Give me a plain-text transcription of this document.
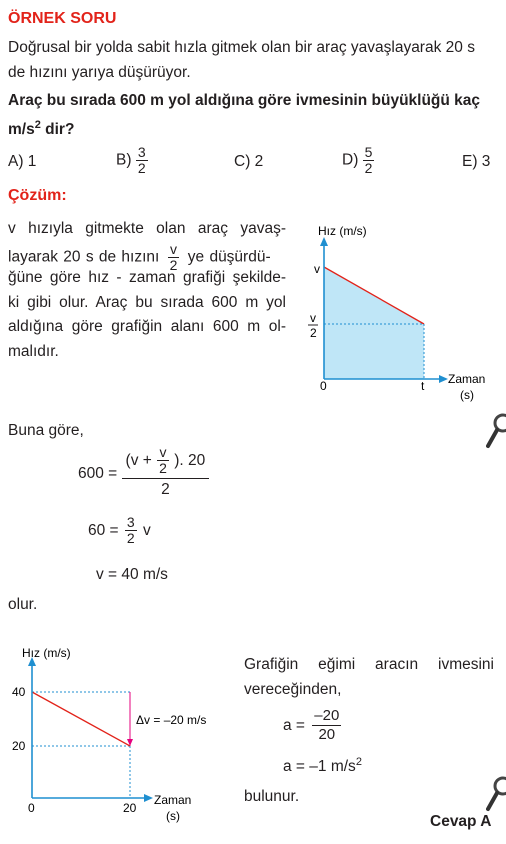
ÖRNEK SORU
Doğrusal bir yolda sabit hızla gitmek olan bir araç yavaşlayarak 20 s
de hızını yarıya düşürüyor.
Araç bu sırada 600 m yol aldığına göre ivmesinin büyüklüğü kaç
$m/s^2$ dir?
A) 1	$B) \frac{3}{2}$	C) 2	$D) \frac{5}{2}$	E) 3
Çözüm:
v hızıyla gitmekte olan araç yavaş-
layarak 20 s de hızını $\frac{v}{2}$ ye düşürdü-
ğüne göre hız - zaman grafiği şekilde-
ki gibi olur. Araç bu sırada 600 m yol
aldığına göre grafiğin alanı 600 m ol-
malıdır.
Hız (m/s)
v
v
2
0	t Zaman
(s)
Buna göre,
$600 = \frac{(v + \frac{v}{2} ). 20}{2}$
$60 = \frac{3}{2}$ v
v = 40 m/s
olur.
Hız (m/s)
40
20
0	20
Zaman
(s)
Δv = –20 m/s
Grafiğin eğimi aracın ivmesini
vereceğinden,
$a = \frac{-20}{20}$
a = –1 $m/s^2$
bulunur.
Cevap A
